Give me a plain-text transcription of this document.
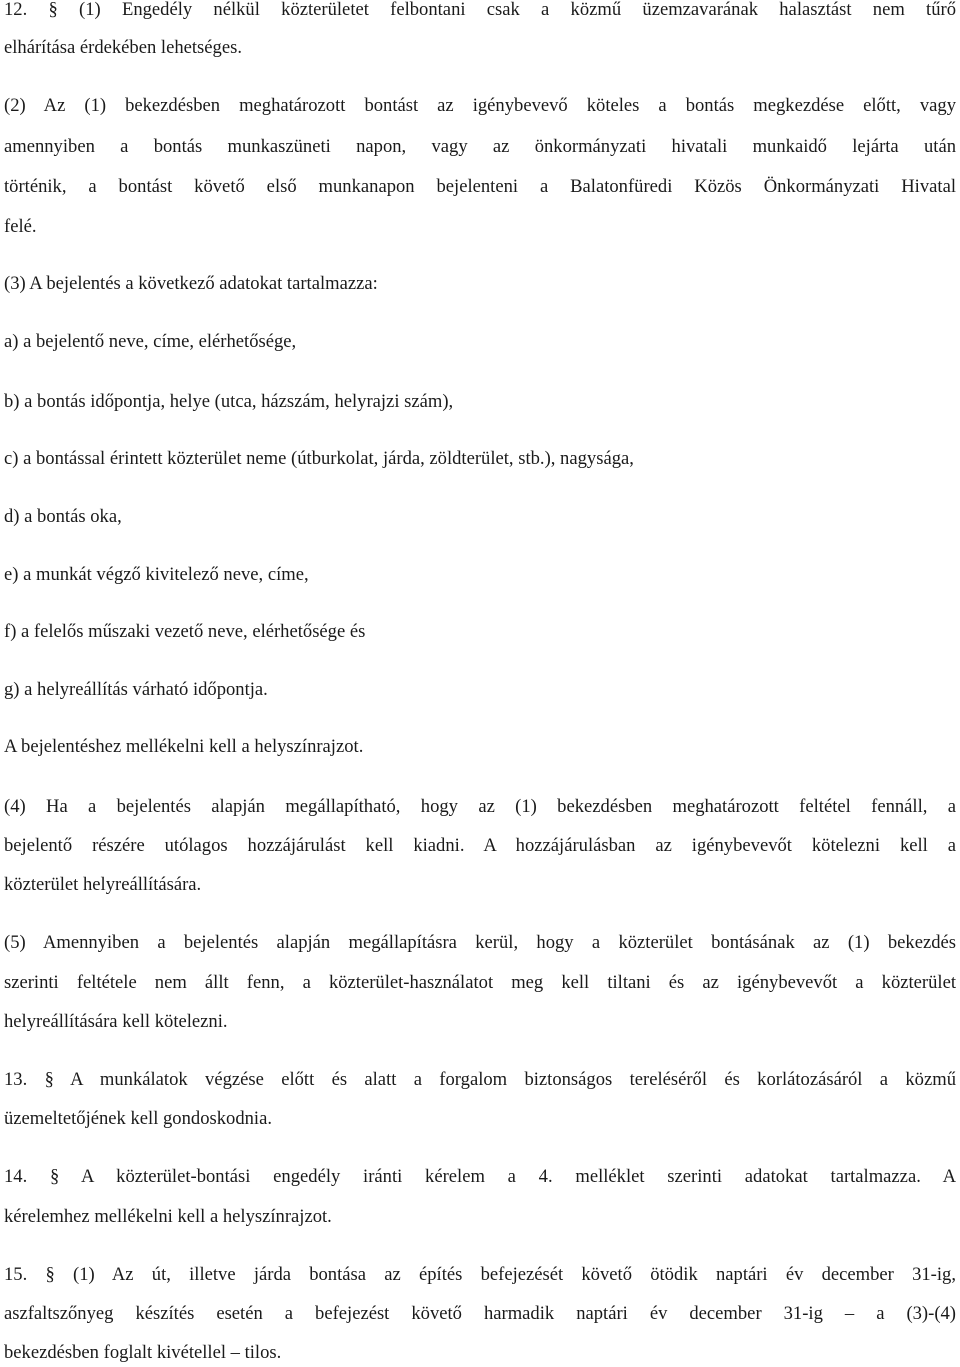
12. § (1) Engedély nélkül közterületet felbontani csak a közmű üzemzavarának halasztást nem tűrő
elhárítása érdekében lehetséges.
(2) Az (1) bekezdésben meghatározott bontást az igénybevevő köteles a bontás megkezdése előtt, vagy
amennyiben a bontás munkaszüneti napon, vagy az önkormányzati hivatali munkaidő lejárta után
történik, a bontást követő első munkanapon bejelenteni a Balatonfüredi Közös Önkormányzati Hivatal
felé.
(3) A bejelentés a következő adatokat tartalmazza:
a) a bejelentő neve, címe, elérhetősége,
b) a bontás időpontja, helye (utca, házszám, helyrajzi szám),
c) a bontással érintett közterület neme (útburkolat, járda, zöldterület, stb.), nagysága,
d) a bontás oka,
e) a munkát végző kivitelező neve, címe,
f) a felelős műszaki vezető neve, elérhetősége és
g) a helyreállítás várható időpontja.
A bejelentéshez mellékelni kell a helyszínrajzot.
(4) Ha a bejelentés alapján megállapítható, hogy az (1) bekezdésben meghatározott feltétel fennáll, a
bejelentő részére utólagos hozzájárulást kell kiadni. A hozzájárulásban az igénybevevőt kötelezni kell a
közterület helyreállítására.
(5) Amennyiben a bejelentés alapján megállapításra kerül, hogy a közterület bontásának az (1) bekezdés
szerinti feltétele nem állt fenn, a közterület-használatot meg kell tiltani és az igénybevevőt a közterület
helyreállítására kell kötelezni.
13. § A munkálatok végzése előtt és alatt a forgalom biztonságos tereléséről és korlátozásáról a közmű
üzemeltetőjének kell gondoskodnia.
14. § A közterület-bontási engedély iránti kérelem a 4. melléklet szerinti adatokat tartalmazza. A
kérelemhez mellékelni kell a helyszínrajzot.
15. § (1) Az út, illetve járda bontása az építés befejezését követő ötödik naptári év december 31-ig,
aszfaltszőnyeg készítés esetén a befejezést követő harmadik naptári év december 31-ig – a (3)-(4)
bekezdésben foglalt kivétellel – tilos.
